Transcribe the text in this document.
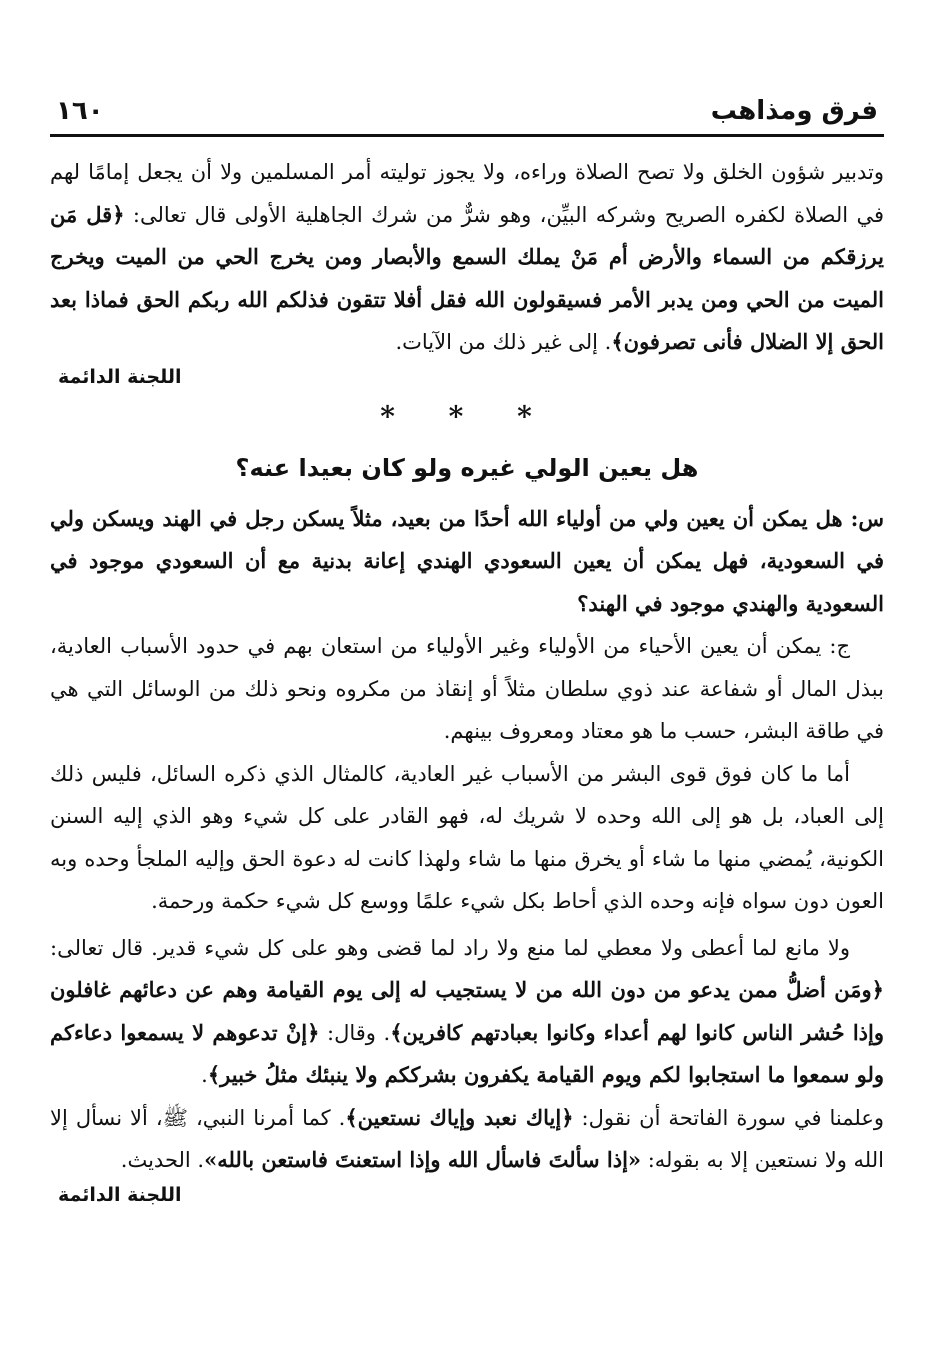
فرق ومذاهب
١٦٠

وتدبير شؤون الخلق ولا تصح الصلاة وراءه، ولا يجوز توليته أمر المسلمين ولا أن يجعل إمامًا لهم في الصلاة لكفره الصريح وشركه البيِّن، وهو شرٌّ من شرك الجاهلية الأولى قال تعالى: ﴿قل مَن يرزقكم من السماء والأرض أم مَنْ يملك السمع والأبصار ومن يخرج الحي من الميت ويخرج الميت من الحي ومن يدبر الأمر فسيقولون الله فقل أفلا تتقون فذلكم الله ربكم الحق فماذا بعد الحق إلا الضلال فأنى تصرفون﴾. إلى غير ذلك من الآيات.

اللجنة الدائمة
* * *
هل يعين الولي غيره ولو كان بعيدا عنه؟

س: هل يمكن أن يعين ولي من أولياء الله أحدًا من بعيد، مثلاً يسكن رجل في الهند ويسكن ولي في السعودية، فهل يمكن أن يعين السعودي الهندي إعانة بدنية مع أن السعودي موجود في السعودية والهندي موجود في الهند؟

ج: يمكن أن يعين الأحياء من الأولياء وغير الأولياء من استعان بهم في حدود الأسباب العادية، ببذل المال أو شفاعة عند ذوي سلطان مثلاً أو إنقاذ من مكروه ونحو ذلك من الوسائل التي هي في طاقة البشر، حسب ما هو معتاد ومعروف بينهم.

أما ما كان فوق قوى البشر من الأسباب غير العادية، كالمثال الذي ذكره السائل، فليس ذلك إلى العباد، بل هو إلى الله وحده لا شريك له، فهو القادر على كل شيء وهو الذي إليه السنن الكونية، يُمضي منها ما شاء أو يخرق منها ما شاء ولهذا كانت له دعوة الحق وإليه الملجأ وحده وبه العون دون سواه فإنه وحده الذي أحاط بكل شيء علمًا ووسع كل شيء حكمة ورحمة.

ولا مانع لما أعطى ولا معطي لما منع ولا راد لما قضى وهو على كل شيء قدير. قال تعالى: ﴿ومَن أضلُّ ممن يدعو من دون الله من لا يستجيب له إلى يوم القيامة وهم عن دعائهم غافلون وإذا حُشر الناس كانوا لهم أعداء وكانوا بعبادتهم كافرين﴾. وقال: ﴿إنْ تدعوهم لا يسمعوا دعاءكم ولو سمعوا ما استجابوا لكم ويوم القيامة يكفرون بشرككم ولا ينبئك مثلُ خبير﴾.

وعلمنا في سورة الفاتحة أن نقول: ﴿إياك نعبد وإياك نستعين﴾. كما أمرنا النبي، ﷺ، ألا نسأل إلا الله ولا نستعين إلا به بقوله: «إذا سألتَ فاسأل الله وإذا استعنتَ فاستعن بالله». الحديث.

اللجنة الدائمة
